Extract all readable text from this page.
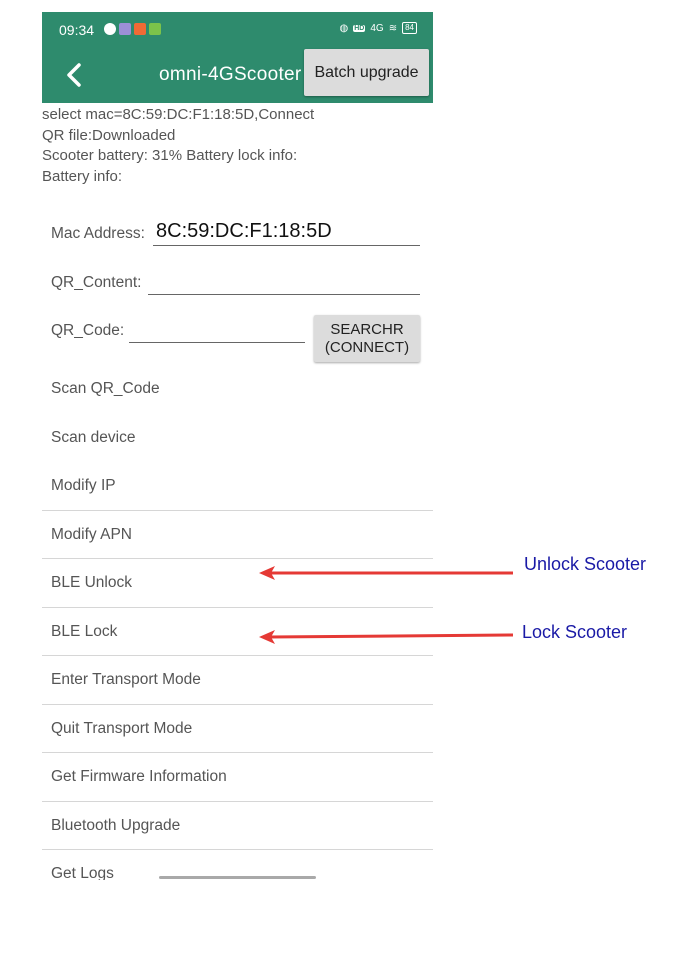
09:34	◍ HD 4G ≋	84
omni-4GScooter Batch upgrade
select mac=8C:59:DC:F1:18:5D,Connect
QR file:Downloaded
Scooter battery: 31% Battery lock info:
Battery info:
Mac Address: 8C:59:DC:F1:18:5D
QR_Content:
QR_Code:	SEARCHR
(CONNECT)
Scan QR_Code
Scan device
Modify IP
Modify APN
BLE Unlock
BLE Lock
Enter Transport Mode
Quit Transport Mode
Get Firmware Information
Bluetooth Upgrade
Get Logs
Unlock Scooter
Lock Scooter
